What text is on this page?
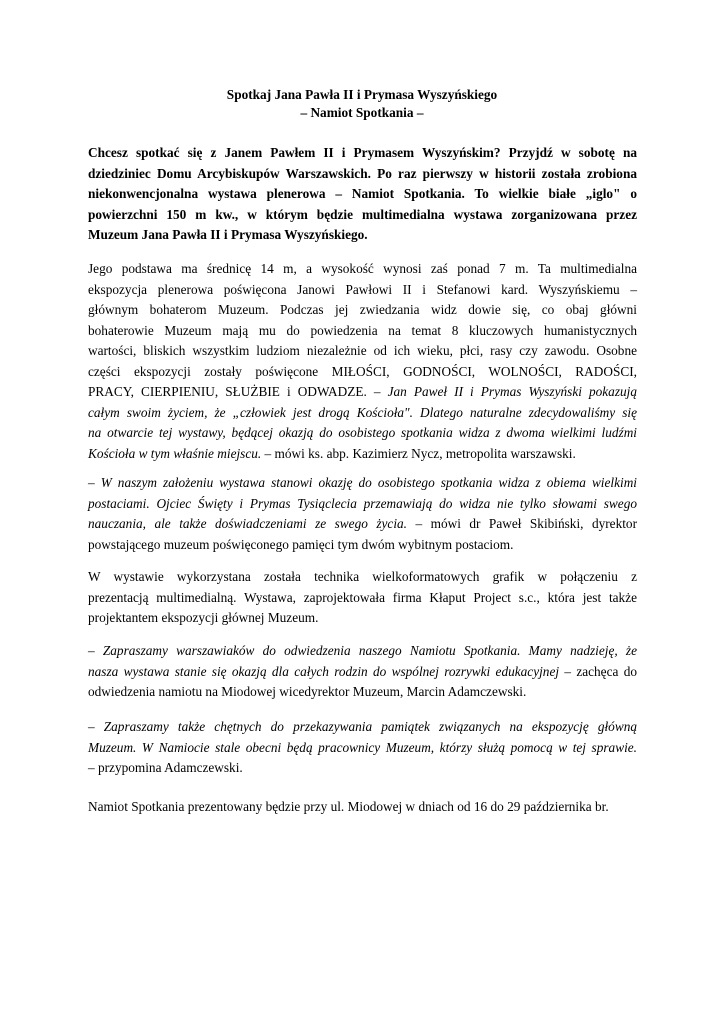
Spotkaj Jana Pawła II i Prymasa Wyszyńskiego
– Namiot Spotkania –
Chcesz spotkać się z Janem Pawłem II i Prymasem Wyszyńskim? Przyjdź w sobotę na
dziedziniec Domu Arcybiskupów Warszawskich. Po raz pierwszy w historii została zrobiona
niekonwencjonalna wystawa plenerowa – Namiot Spotkania. To wielkie białe „iglo" o
powierzchni 150 m kw., w którym będzie multimedialna wystawa zorganizowana przez
Muzeum Jana Pawła II i Prymasa Wyszyńskiego.
Jego podstawa ma średnicę 14 m, a wysokość wynosi zaś ponad 7 m. Ta multimedialna
ekspozycja plenerowa poświęcona Janowi Pawłowi II i Stefanowi kard. Wyszyńskiemu –
głównym bohaterom Muzeum. Podczas jej zwiedzania widz dowie się, co obaj główni
bohaterowie Muzeum mają mu do powiedzenia na temat 8 kluczowych humanistycznych
wartości, bliskich wszystkim ludziom niezależnie od ich wieku, płci, rasy czy zawodu. Osobne
części ekspozycji zostały poświęcone MIŁOŚCI, GODNOŚCI, WOLNOŚCI, RADOŚCI,
PRACY, CIERPIENIU, SŁUŻBIE i ODWADZE. – Jan Paweł II i Prymas Wyszyński pokazują
całym swoim życiem, że „człowiek jest drogą Kościoła". Dlatego naturalne zdecydowaliśmy się
na otwarcie tej wystawy, będącej okazją do osobistego spotkania widza z dwoma wielkimi ludźmi
Kościoła w tym właśnie miejscu. – mówi ks. abp. Kazimierz Nycz, metropolita warszawski.
– W naszym założeniu wystawa stanowi okazję do osobistego spotkania widza z obiema wielkimi
postaciami. Ojciec Święty i Prymas Tysiąclecia przemawiają do widza nie tylko słowami swego
nauczania, ale także doświadczeniami ze swego życia. – mówi dr Paweł Skibiński, dyrektor
powstającego muzeum poświęconego pamięci tym dwóm wybitnym postaciom.
W wystawie wykorzystana została technika wielkoformatowych grafik w połączeniu z
prezentacją multimedialną. Wystawa, zaprojektowała firma Kłaput Project s.c., która jest także
projektantem ekspozycji głównej Muzeum.
– Zapraszamy warszawiaków do odwiedzenia naszego Namiotu Spotkania. Mamy nadzieję, że
nasza wystawa stanie się okazją dla całych rodzin do wspólnej rozrywki edukacyjnej – zachęca do
odwiedzenia namiotu na Miodowej wicedyrektor Muzeum, Marcin Adamczewski.
– Zapraszamy także chętnych do przekazywania pamiątek związanych na ekspozycję główną
Muzeum. W Namiocie stale obecni będą pracownicy Muzeum, którzy służą pomocą w tej sprawie.
– przypomina Adamczewski.
Namiot Spotkania prezentowany będzie przy ul. Miodowej w dniach od 16 do 29 października br.
